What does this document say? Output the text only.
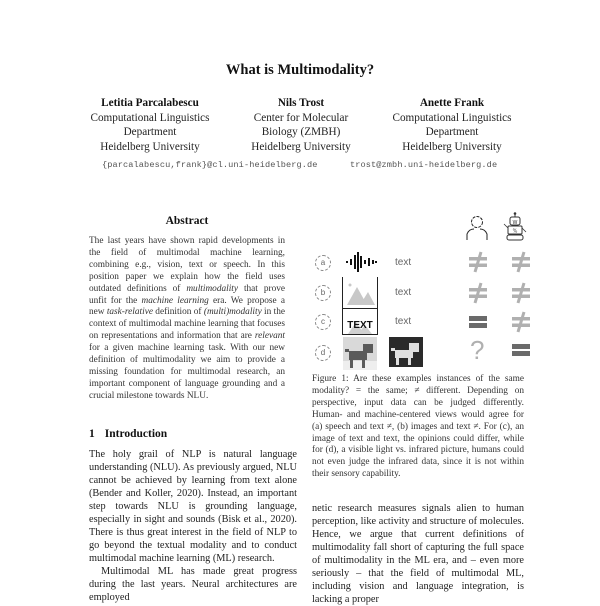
What is Multimodality?
Letitia Parcalabescu
Computational Linguistics
Department
Heidelberg University
Nils Trost
Center for Molecular
Biology (ZMBH)
Heidelberg University
Anette Frank
Computational Linguistics
Department
Heidelberg University
{parcalabescu,frank}@cl.uni-heidelberg.de	trost@zmbh.uni-heidelberg.de
Abstract
The last years have shown rapid developments in the field of multimodal machine learning, combining e.g., vision, text or speech. In this position paper we explain how the field uses outdated definitions of multimodality that prove unfit for the machine learning era. We propose a new task-relative definition of (multi)modality in the context of multimodal machine learning that focuses on representations and information that are relevant for a given machine learning task. With our new definition of multimodality we aim to provide a missing foundation for multimodal research, an important component of language grounding and a crucial milestone towards NLU.
1 Introduction

The holy grail of NLP is natural language understanding (NLU). As previously argued, NLU cannot be achieved by learning from text alone (Bender and Koller, 2020). Instead, an important step towards NLU is grounding language, especially in sight and sounds (Bisk et al., 2020). There is thus great interest in the field of NLP to go beyond the textual modality and to conduct multimodal machine learning (ML) research.

Multimodal ML has made great progress during the last years. Neural architectures are employed

W
%
a	text
b	text
c	TEXT text
d	?
Figure 1: Are these examples instances of the same modality? = the same; ≠ different. Depending on perspective, input data can be judged differently. Human- and machine-centered views would agree for (a) speech and text ≠, (b) images and text ≠. For (c), an image of text and text, the opinions could differ, while for (d), a visible light vs. infrared picture, humans could not even judge the infrared data, since it is not within their sensory capability.
netic research measures signals alien to human perception, like activity and structure of molecules. Hence, we argue that current definitions of multimodality fall short of capturing the full space of multimodality in the ML era, and – even more seriously – that the field of multimodal ML, including vision and language integration, is lacking a proper
